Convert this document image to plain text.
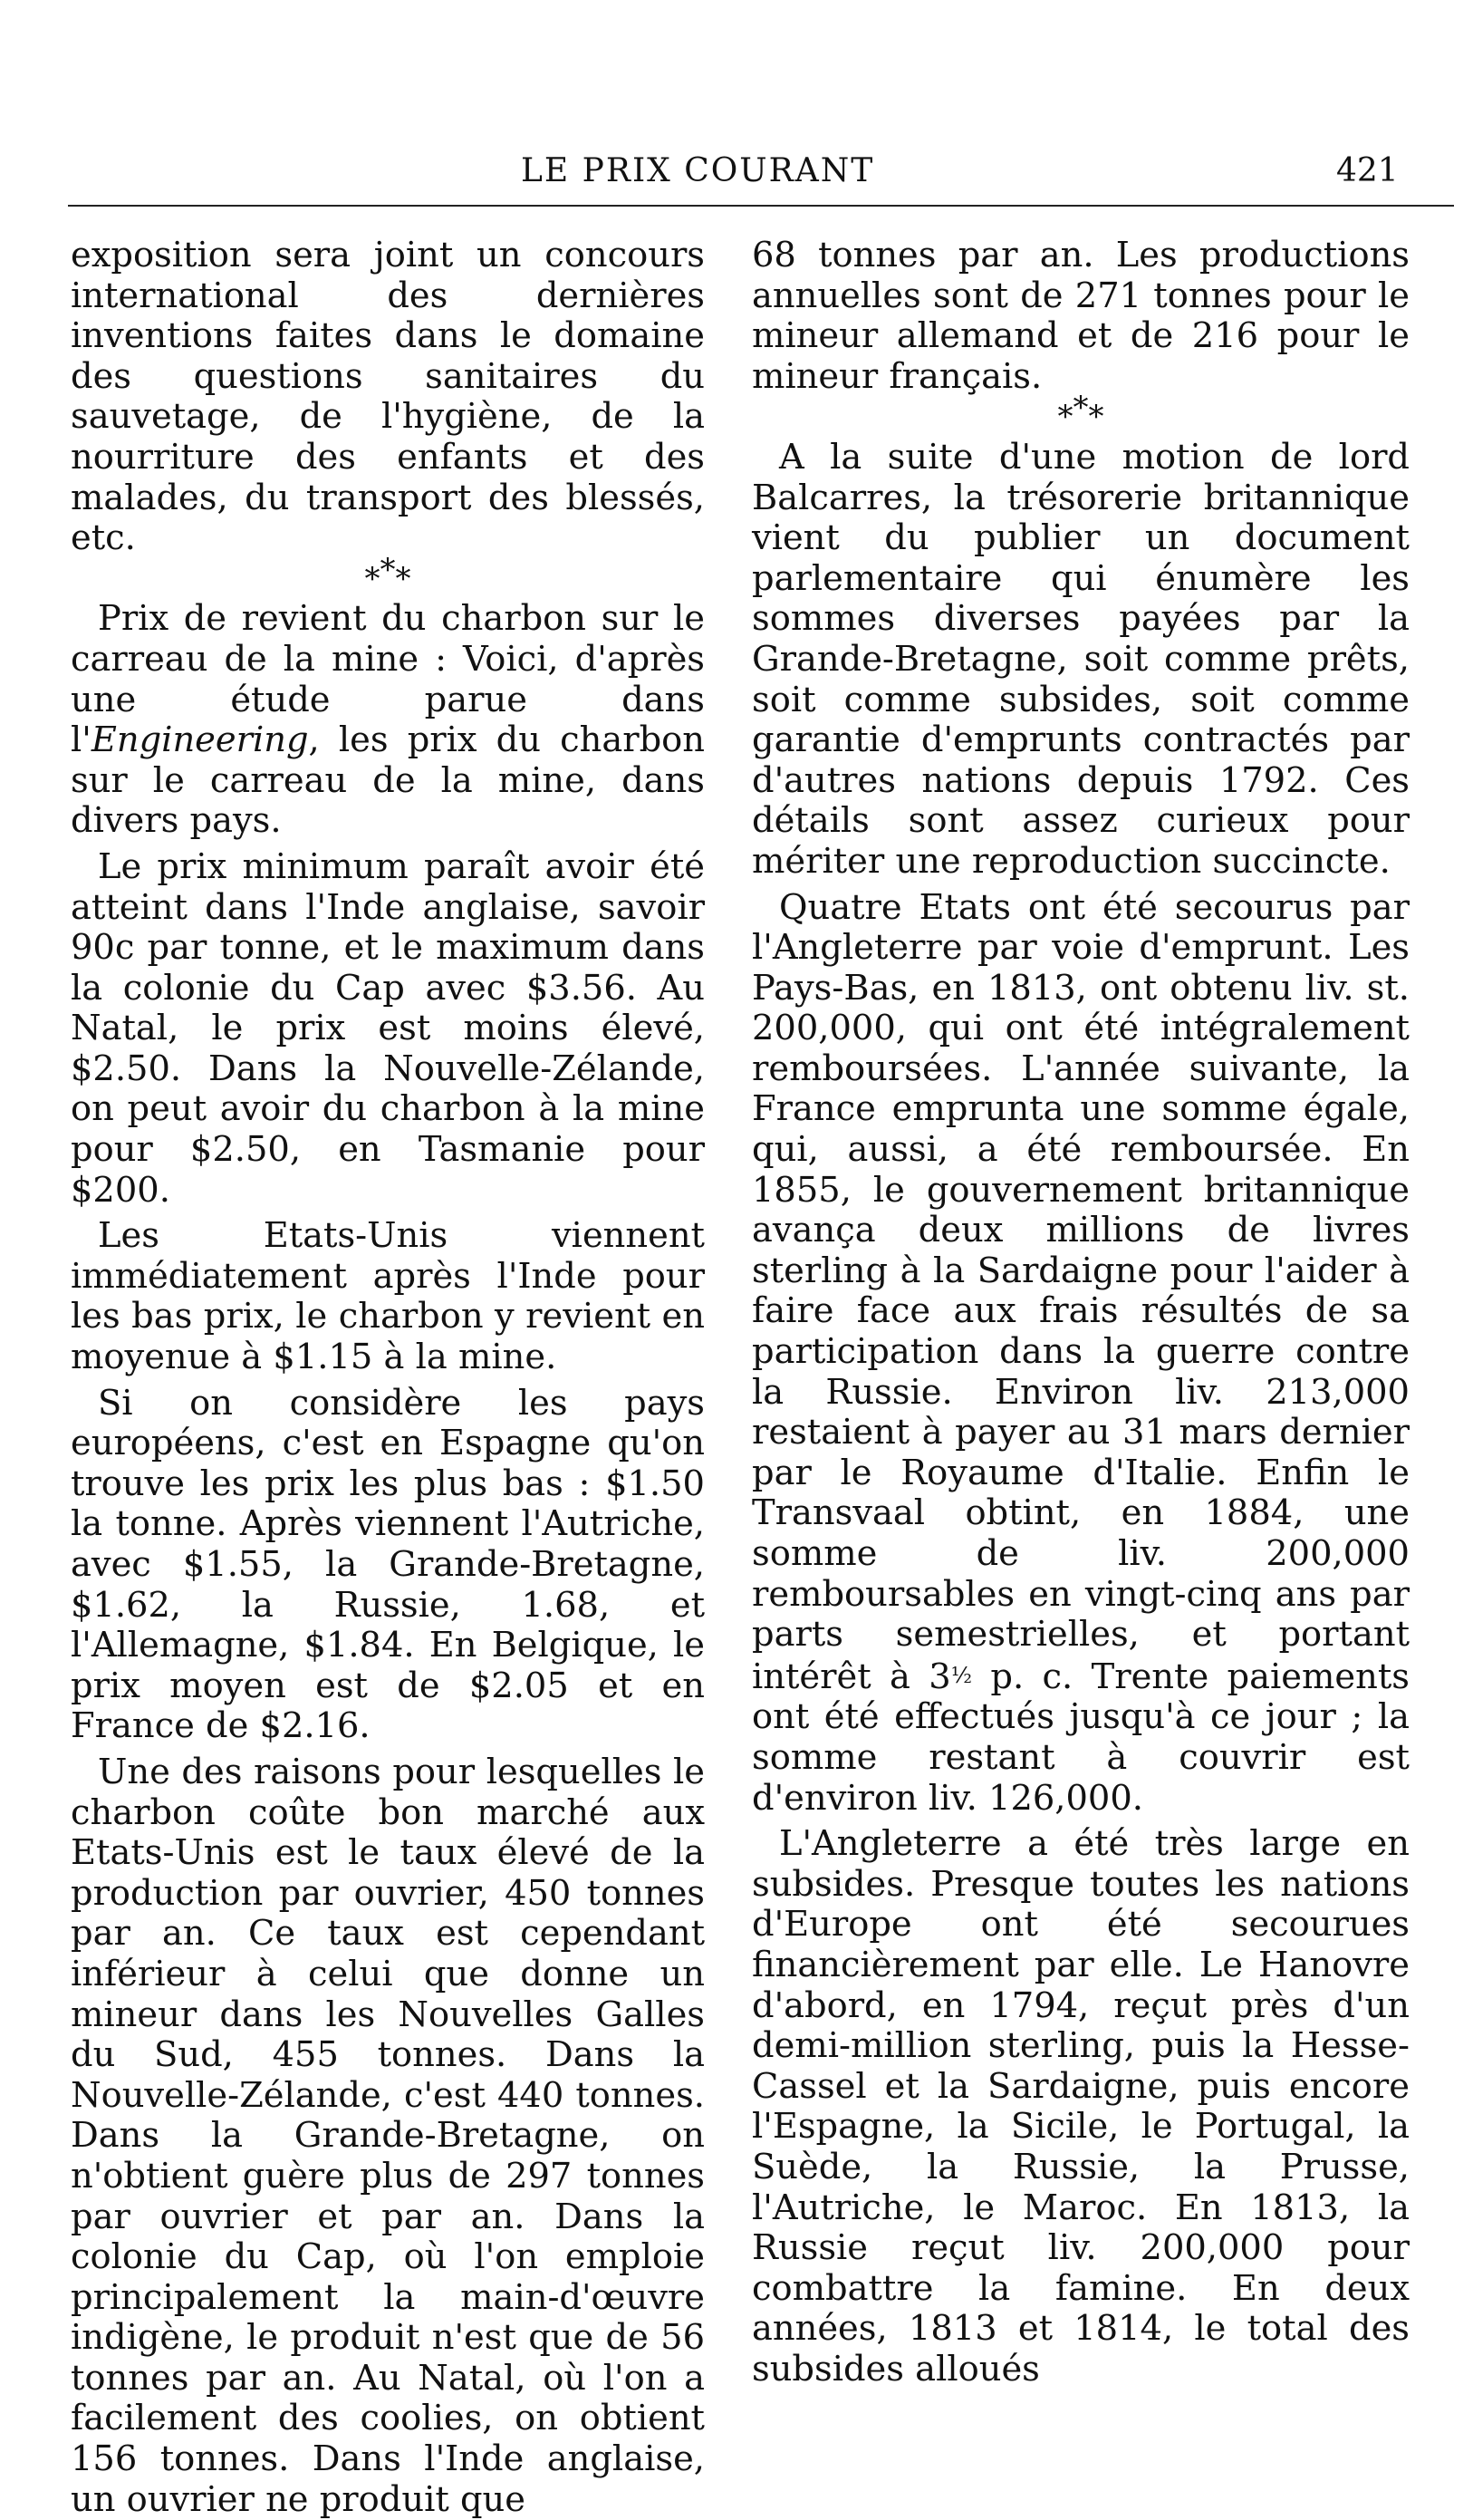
LE PRIX COURANT	421

exposition sera joint un concours international des dernières inventions faites dans le domaine des questions sanitaires du sauvetage, de l'hygiène, de la nourriture des enfants et des malades, du transport des blessés, etc.

***

Prix de revient du charbon sur le carreau de la mine : Voici, d'après une étude parue dans l'Engineering, les prix du charbon sur le carreau de la mine, dans divers pays.

Le prix minimum paraît avoir été atteint dans l'Inde anglaise, savoir 90c par tonne, et le maximum dans la colonie du Cap avec $3.56. Au Natal, le prix est moins élevé, $2.50. Dans la Nouvelle-Zélande, on peut avoir du charbon à la mine pour $2.50, en Tasmanie pour $200.

Les Etats-Unis viennent immédiatement après l'Inde pour les bas prix, le charbon y revient en moyenue à $1.15 à la mine.

Si on considère les pays européens, c'est en Espagne qu'on trouve les prix les plus bas : $1.50 la tonne. Après viennent l'Autriche, avec $1.55, la Grande-Bretagne, $1.62, la Russie, 1.68, et l'Allemagne, $1.84. En Belgique, le prix moyen est de $2.05 et en France de $2.16.

Une des raisons pour lesquelles le charbon coûte bon marché aux Etats-Unis est le taux élevé de la production par ouvrier, 450 tonnes par an. Ce taux est cependant inférieur à celui que donne un mineur dans les Nouvelles Galles du Sud, 455 tonnes. Dans la Nouvelle-Zélande, c'est 440 tonnes. Dans la Grande-Bretagne, on n'obtient guère plus de 297 tonnes par ouvrier et par an. Dans la colonie du Cap, où l'on emploie principalement la main-d'œuvre indigène, le produit n'est que de 56 tonnes par an. Au Natal, où l'on a facilement des coolies, on obtient 156 tonnes. Dans l'Inde anglaise, un ouvrier ne produit que

68 tonnes par an. Les productions annuelles sont de 271 tonnes pour le mineur allemand et de 216 pour le mineur français.

***

A la suite d'une motion de lord Balcarres, la trésorerie britannique vient du publier un document parlementaire qui énumère les sommes diverses payées par la Grande-Bretagne, soit comme prêts, soit comme subsides, soit comme garantie d'emprunts contractés par d'autres nations depuis 1792. Ces détails sont assez curieux pour mériter une reproduction succincte.

Quatre Etats ont été secourus par l'Angleterre par voie d'emprunt. Les Pays-Bas, en 1813, ont obtenu liv. st. 200,000, qui ont été intégralement remboursées. L'année suivante, la France emprunta une somme égale, qui, aussi, a été remboursée. En 1855, le gouvernement britannique avança deux millions de livres sterling à la Sardaigne pour l'aider à faire face aux frais résultés de sa participation dans la guerre contre la Russie. Environ liv. 213,000 restaient à payer au 31 mars dernier par le Royaume d'Italie. Enfin le Transvaal obtint, en 1884, une somme de liv. 200,000 remboursables en vingt-cinq ans par parts semestrielles, et portant intérêt à 3½ p. c. Trente paiements ont été effectués jusqu'à ce jour ; la somme restant à couvrir est d'environ liv. 126,000.

L'Angleterre a été très large en subsides. Presque toutes les nations d'Europe ont été secourues financièrement par elle. Le Hanovre d'abord, en 1794, reçut près d'un demi-million sterling, puis la Hesse-Cassel et la Sardaigne, puis encore l'Espagne, la Sicile, le Portugal, la Suède, la Russie, la Prusse, l'Autriche, le Maroc. En 1813, la Russie reçut liv. 200,000 pour combattre la famine. En deux années, 1813 et 1814, le total des subsides alloués
